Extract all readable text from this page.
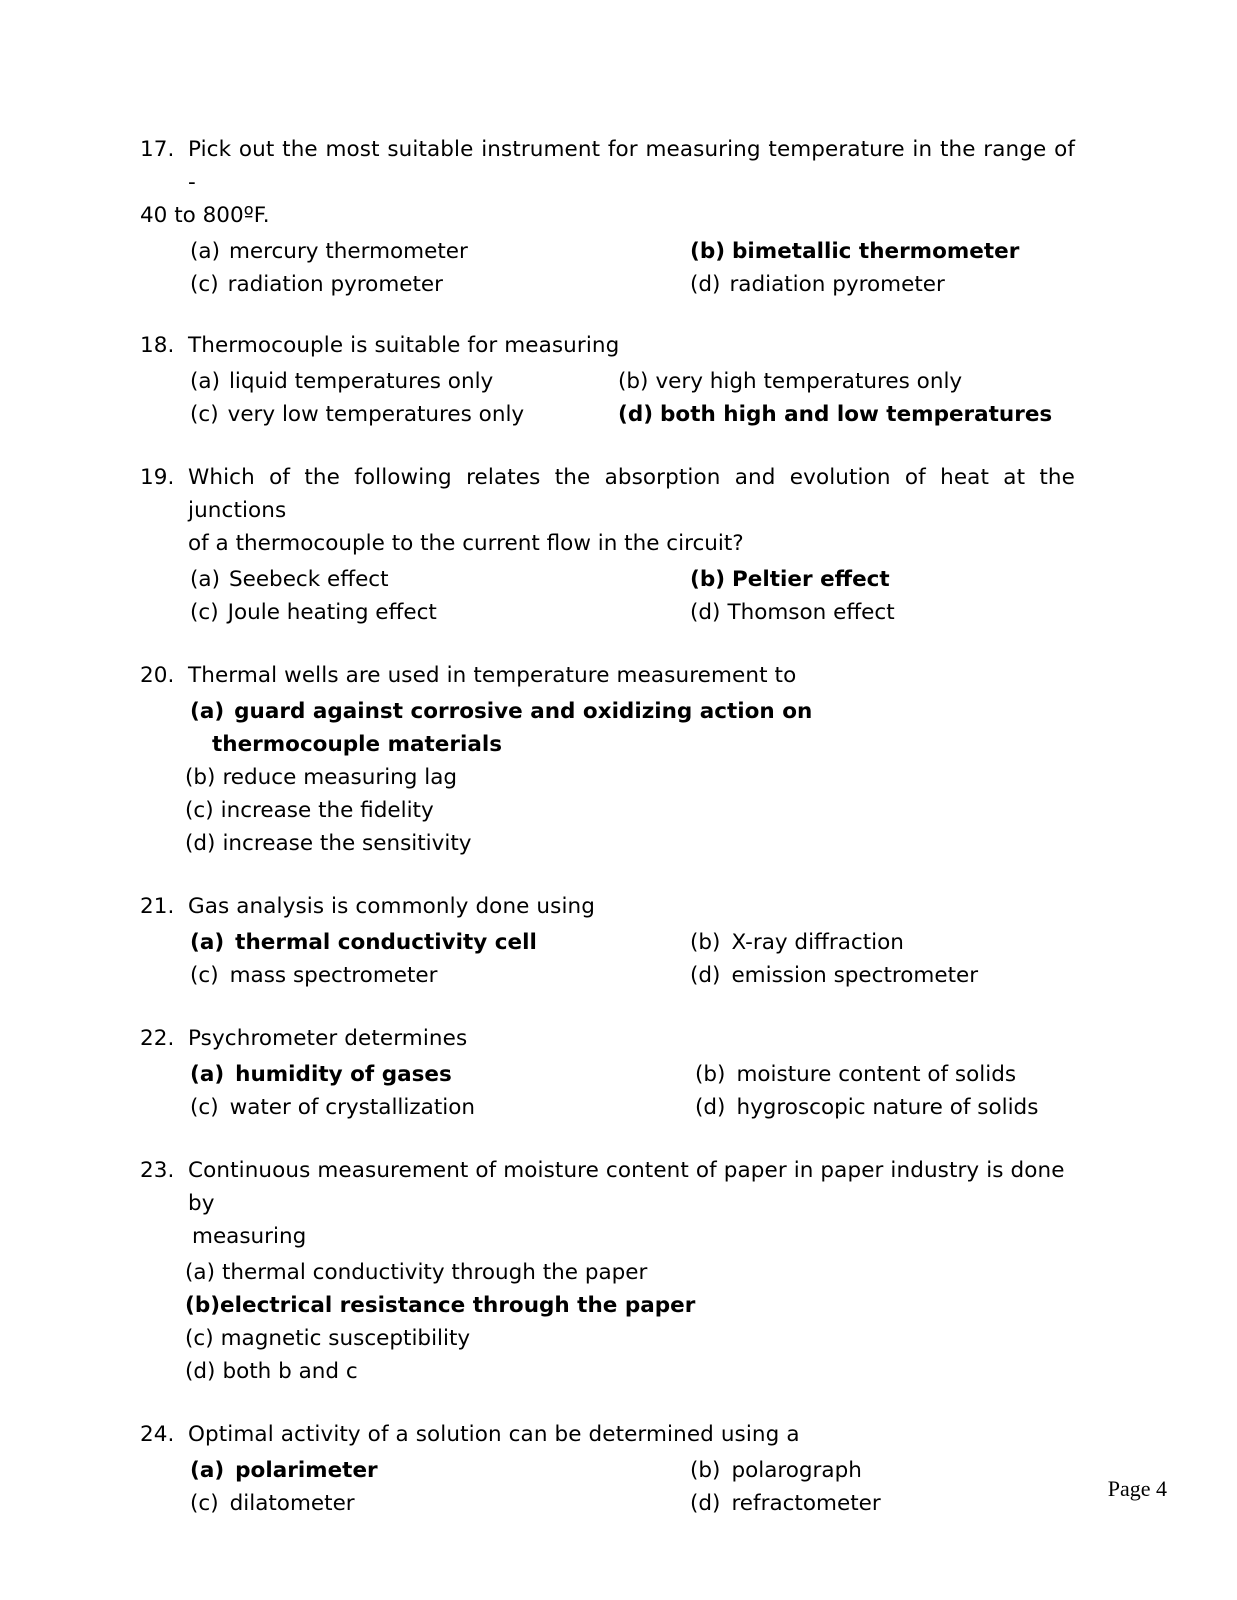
17. Pick out the most suitable instrument for measuring temperature in the range of -
40 to 800ºF.
(a) mercury thermometer	(b) bimetallic thermometer
(c) radiation pyrometer	(d) radiation pyrometer
18. Thermocouple is suitable for measuring
(a) liquid temperatures only	(b) very high temperatures only
(c) very low temperatures only	(d) both high and low temperatures
19. Which of the following relates the absorption and evolution of heat at the junctions
of a thermocouple to the current flow in the circuit?
(a) Seebeck effect	(b) Peltier effect
(c) Joule heating effect	(d) Thomson effect
20. Thermal wells are used in temperature measurement to
(a) guard against corrosive and oxidizing action on
thermocouple materials
(b) reduce measuring lag
(c) increase the fidelity
(d) increase the sensitivity
21. Gas analysis is commonly done using
(a) thermal conductivity cell	(b) X-ray diffraction
(c) mass spectrometer	(d) emission spectrometer
22. Psychrometer determines
(a) humidity of gases	(b) moisture content of solids
(c) water of crystallization	(d) hygroscopic nature of solids
23. Continuous measurement of moisture content of paper in paper industry is done by
measuring
(a) thermal conductivity through the paper
(b) electrical resistance through the paper
(c) magnetic susceptibility
(d) both b and c
24. Optimal activity of a solution can be determined using a
(a) polarimeter	(b) polarograph
(c) dilatometer	(d) refractometer
Page 4
